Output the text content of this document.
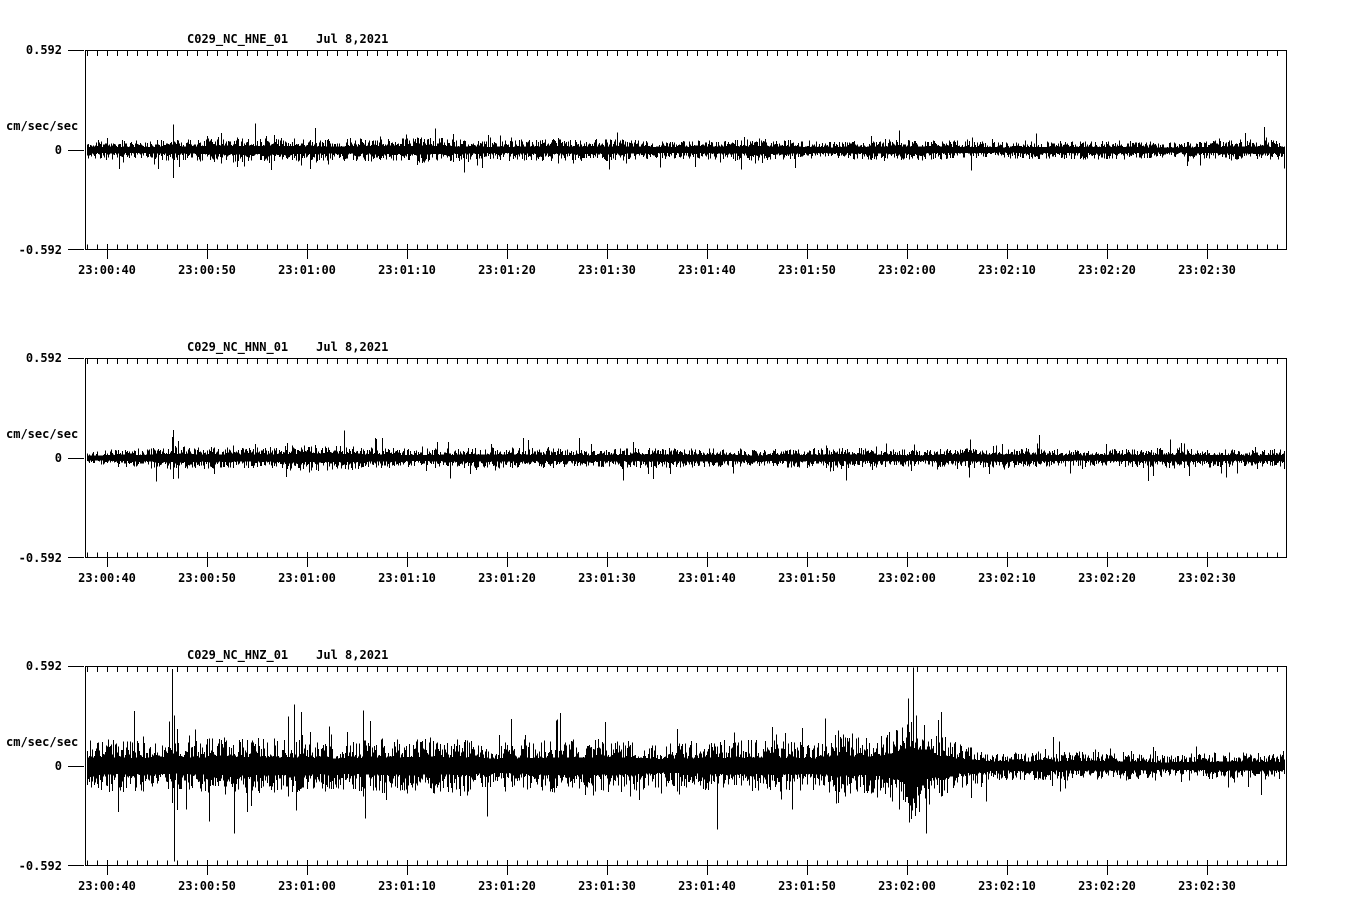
C029_NC_HNE_01 Jul 8,2021
0.592
cm/sec/sec
0
-0.592
23:00:40	23:00:50	23:01:00	23:01:10	23:01:20	23:01:30	23:01:40	23:01:50	23:02:00	23:02:10	23:02:20	23:02:30
C029_NC_HNN_01 Jul 8,2021
0.592
cm/sec/sec
0
-0.592
23:00:40	23:00:50	23:01:00	23:01:10	23:01:20	23:01:30	23:01:40	23:01:50	23:02:00	23:02:10	23:02:20	23:02:30
C029_NC_HNZ_01 Jul 8,2021
0.592
cm/sec/sec
0
-0.592
23:00:40	23:00:50	23:01:00	23:01:10	23:01:20	23:01:30	23:01:40	23:01:50	23:02:00	23:02:10	23:02:20	23:02:30
